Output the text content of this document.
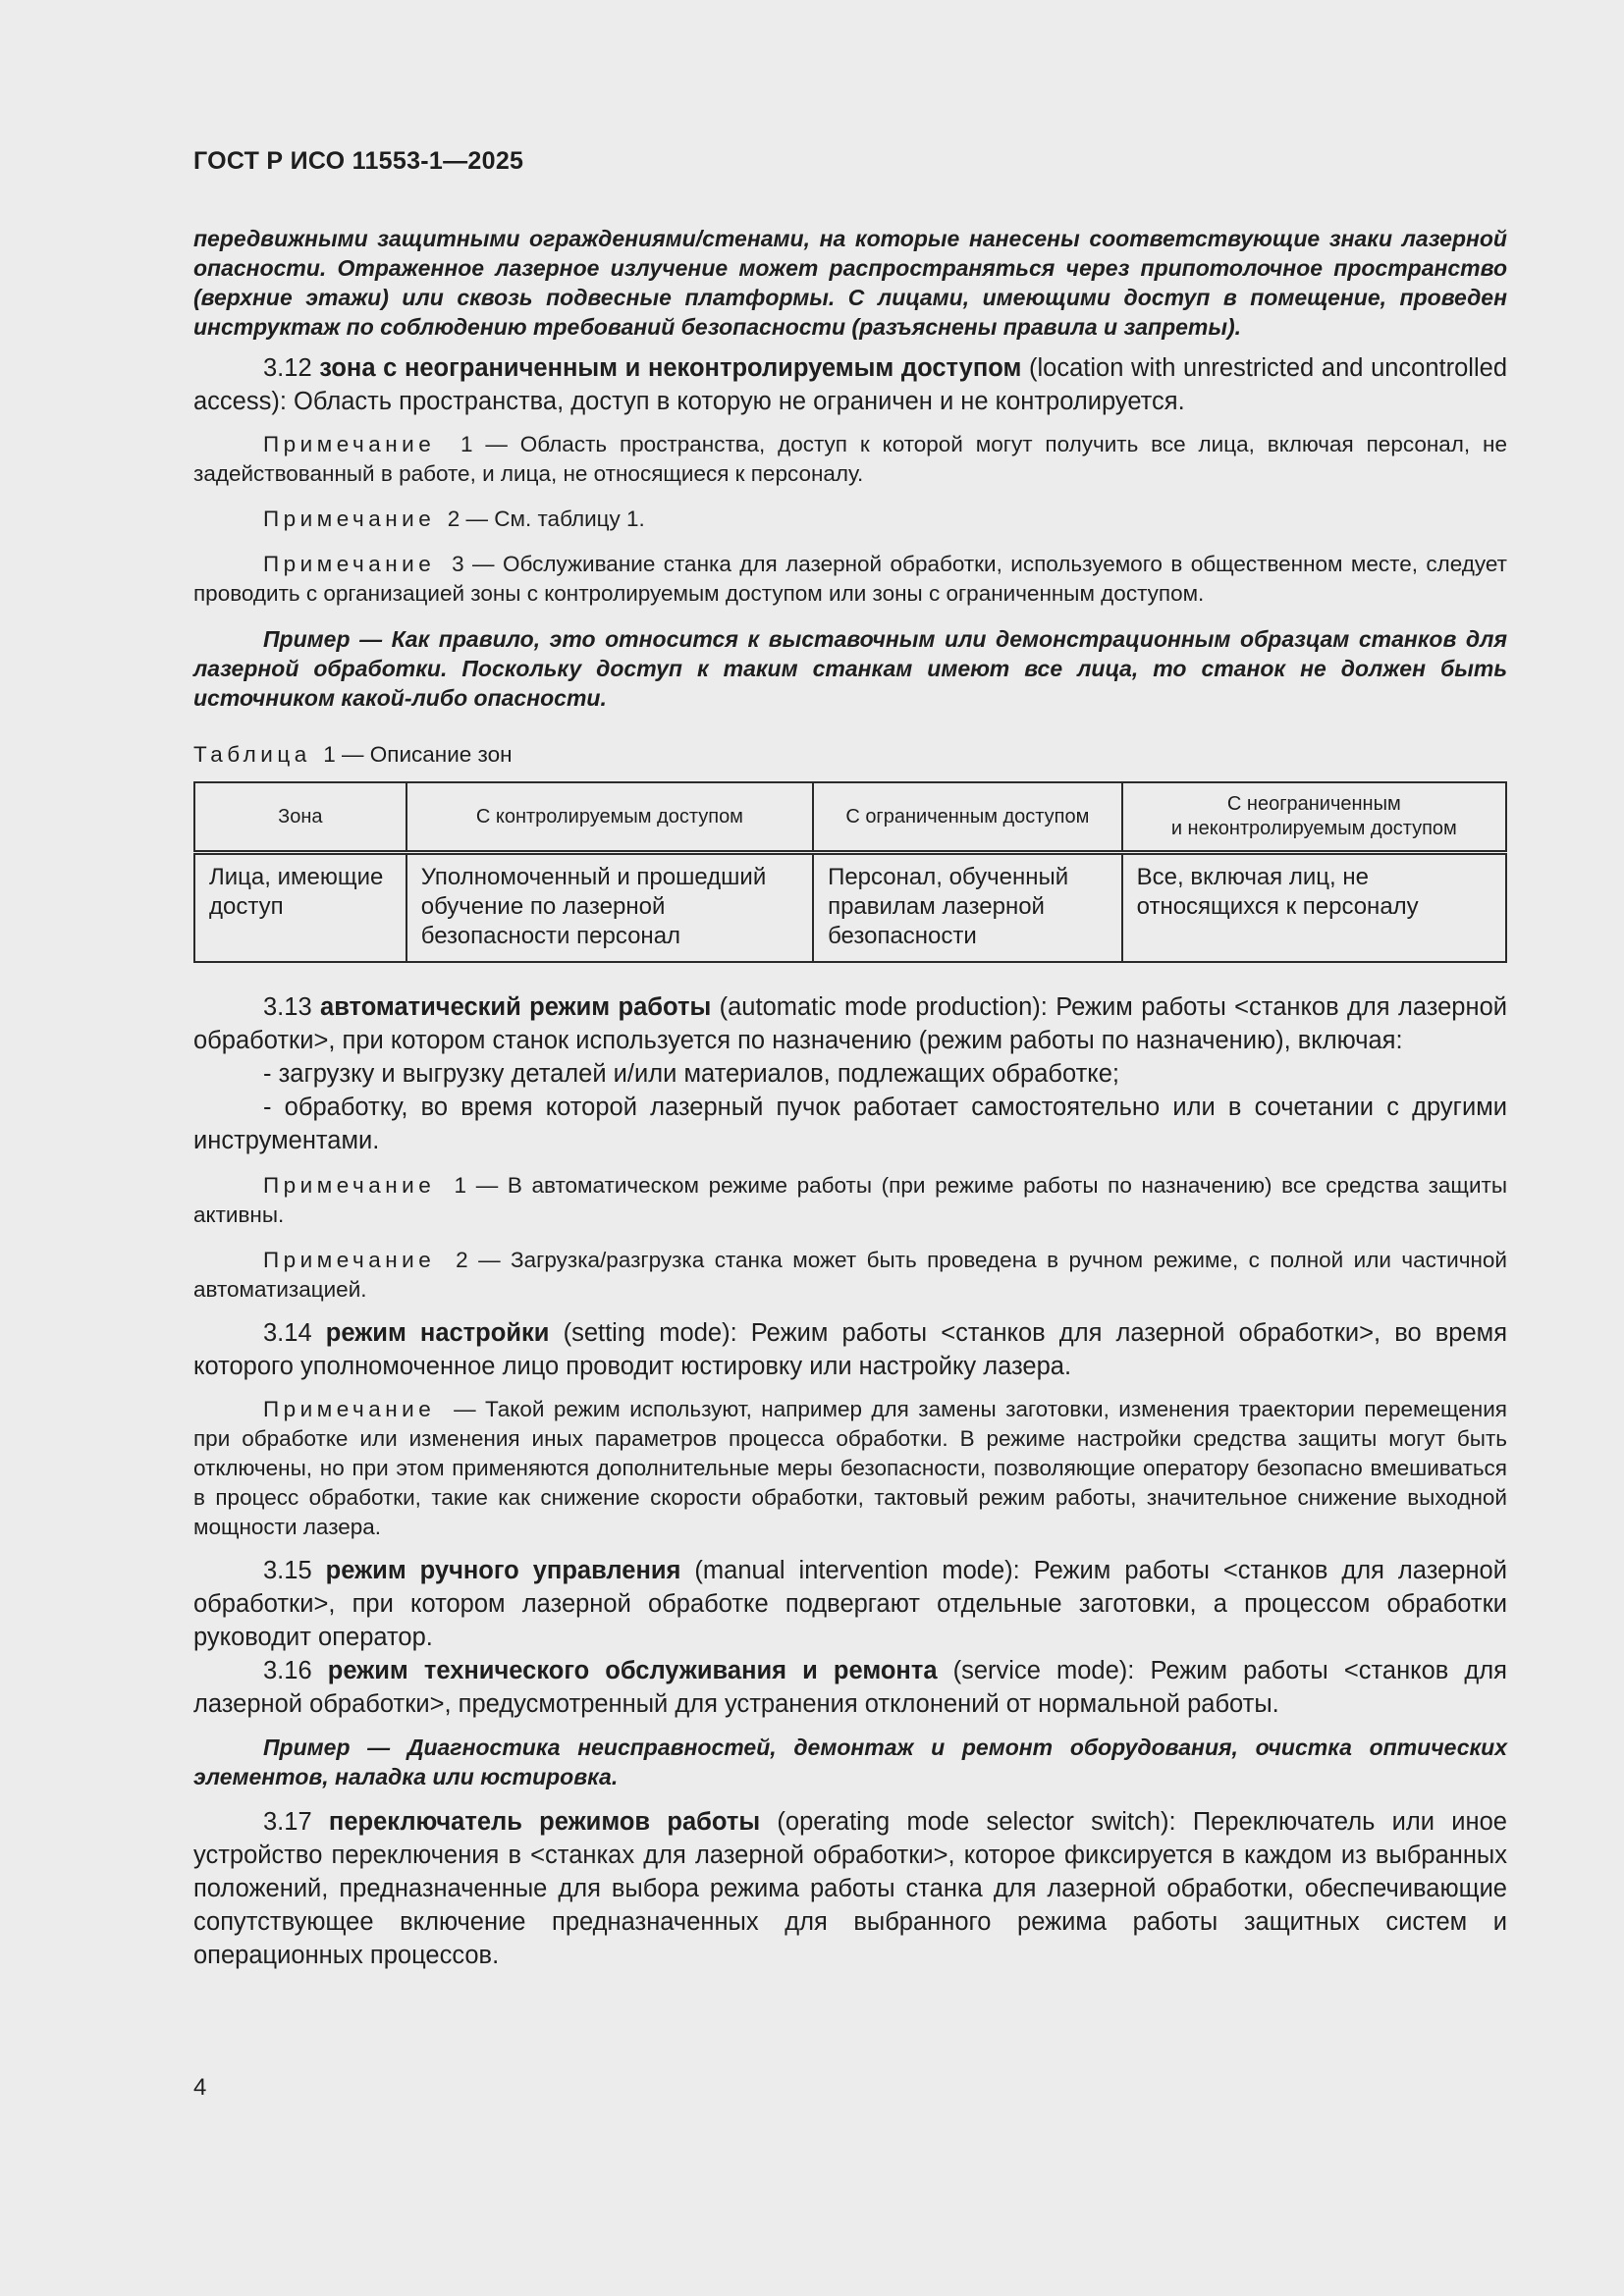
ГОСТ Р ИСО 11553-1—2025

передвижными защитными ограждениями/стенами, на которые нанесены соответствующие знаки лазерной опасности. Отраженное лазерное излучение может распространяться через припотолочное пространство (верхние этажи) или сквозь подвесные платформы. С лицами, имеющими доступ в помещение, проведен инструктаж по соблюдению требований безопасности (разъяснены правила и запреты).

3.12 зона с неограниченным и неконтролируемым доступом (location with unrestricted and uncontrolled access): Область пространства, доступ в которую не ограничен и не контролируется.

Примечание 1 — Область пространства, доступ к которой могут получить все лица, включая персонал, не задействованный в работе, и лица, не относящиеся к персоналу.

Примечание 2 — См. таблицу 1.

Примечание 3 — Обслуживание станка для лазерной обработки, используемого в общественном месте, следует проводить с организацией зоны с контролируемым доступом или зоны с ограниченным доступом.

Пример — Как правило, это относится к выставочным или демонстрационным образцам станков для лазерной обработки. Поскольку доступ к таким станкам имеют все лица, то станок не должен быть источником какой-либо опасности.

Таблица 1 — Описание зон
Зона	С контролируемым доступом	С ограниченным доступом	С неограниченным
и неконтролируемым доступом
Лица, имеющие доступ	Уполномоченный и прошедший обучение по лазерной безопасности персонал	Персонал, обученный правилам лазерной безопасности	Все, включая лиц, не относящихся к персоналу

3.13 автоматический режим работы (automatic mode production): Режим работы <станков для лазерной обработки>, при котором станок используется по назначению (режим работы по назначению), включая:

- загрузку и выгрузку деталей и/или материалов, подлежащих обработке;

- обработку, во время которой лазерный пучок работает самостоятельно или в сочетании с другими инструментами.

Примечание 1 — В автоматическом режиме работы (при режиме работы по назначению) все средства защиты активны.

Примечание 2 — Загрузка/разгрузка станка может быть проведена в ручном режиме, с полной или частичной автоматизацией.

3.14 режим настройки (setting mode): Режим работы <станков для лазерной обработки>, во время которого уполномоченное лицо проводит юстировку или настройку лазера.

Примечание — Такой режим используют, например для замены заготовки, изменения траектории перемещения при обработке или изменения иных параметров процесса обработки. В режиме настройки средства защиты могут быть отключены, но при этом применяются дополнительные меры безопасности, позволяющие оператору безопасно вмешиваться в процесс обработки, такие как снижение скорости обработки, тактовый режим работы, значительное снижение выходной мощности лазера.

3.15 режим ручного управления (manual intervention mode): Режим работы <станков для лазерной обработки>, при котором лазерной обработке подвергают отдельные заготовки, а процессом обработки руководит оператор.

3.16 режим технического обслуживания и ремонта (service mode): Режим работы <станков для лазерной обработки>, предусмотренный для устранения отклонений от нормальной работы.

Пример — Диагностика неисправностей, демонтаж и ремонт оборудования, очистка оптических элементов, наладка или юстировка.

3.17 переключатель режимов работы (operating mode selector switch): Переключатель или иное устройство переключения в <станках для лазерной обработки>, которое фиксируется в каждом из выбранных положений, предназначенные для выбора режима работы станка для лазерной обработки, обеспечивающие сопутствующее включение предназначенных для выбранного режима работы защитных систем и операционных процессов.

4
